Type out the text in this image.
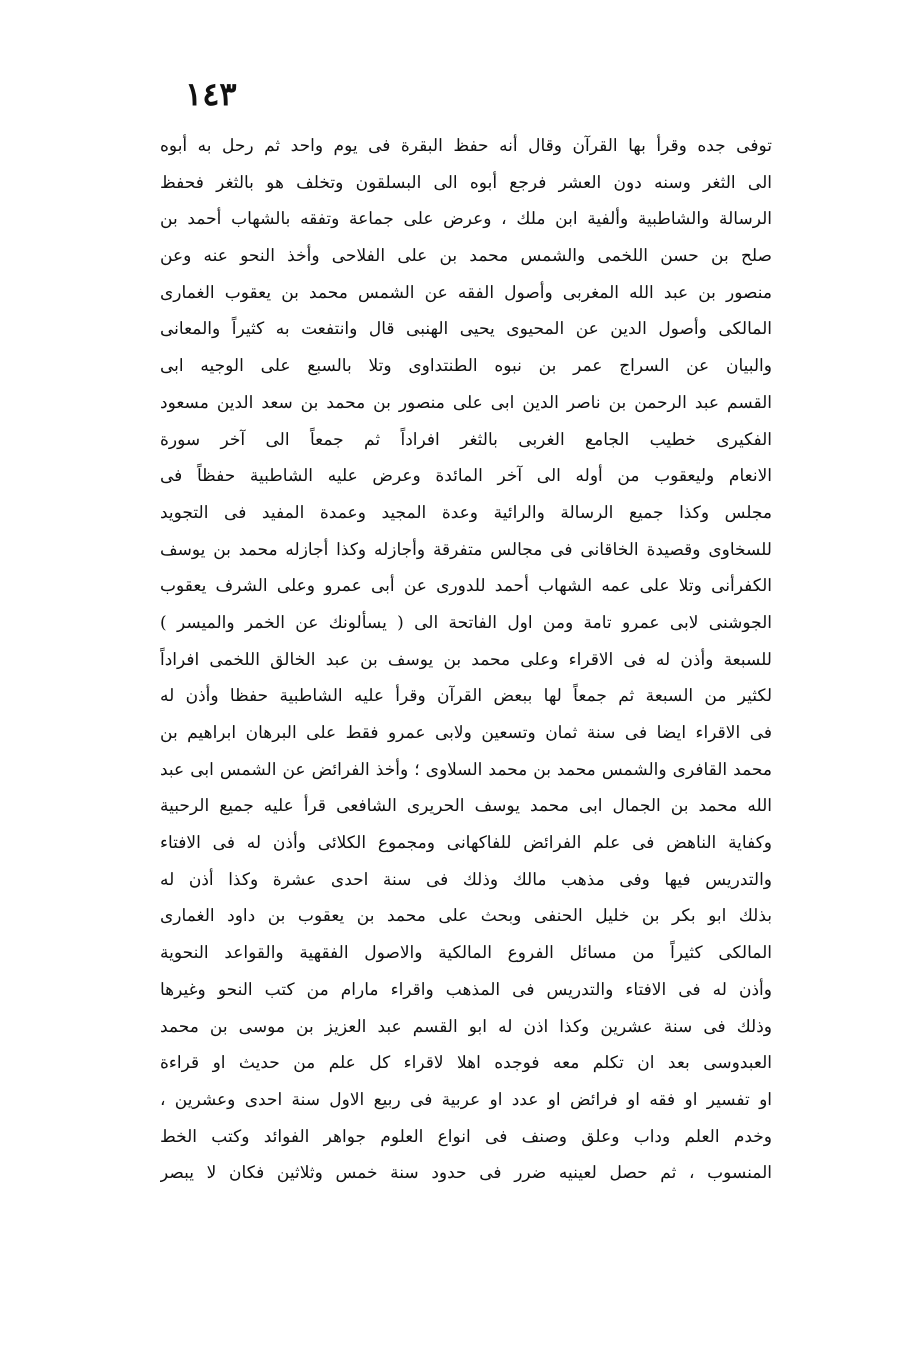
١٤٣
توفى جده وقرأ بها القرآن وقال أنه حفظ البقرة فى يوم واحد ثم رحل به أبوه
الى الثغر وسنه دون العشر فرجع أبوه الى البسلقون وتخلف هو بالثغر فحفظ
الرسالة والشاطبية وألفية ابن ملك ، وعرض على جماعة وتفقه بالشهاب أحمد بن
صلح بن حسن اللخمى والشمس محمد بن على الفلاحى وأخذ النحو عنه وعن
منصور بن عبد الله المغربى وأصول الفقه عن الشمس محمد بن يعقوب الغمارى
المالكى وأصول الدين عن المحيوى يحيى الهنبى قال وانتفعت به كثيراً والمعانى
والبيان عن السراج عمر بن نبوه الطنتداوى وتلا بالسبع على الوجيه ابى
القسم عبد الرحمن بن ناصر الدين ابى على منصور بن محمد بن سعد الدين مسعود
الفكيرى خطيب الجامع الغربى بالثغر افراداً ثم جمعاً الى آخر سورة
الانعام وليعقوب من أوله الى آخر المائدة وعرض عليه الشاطبية حفظاً فى
مجلس وكذا جميع الرسالة والرائية وعدة المجيد وعمدة المفيد فى التجويد
للسخاوى وقصيدة الخاقانى فى مجالس متفرقة وأجازله وكذا أجازله محمد بن يوسف
الكفرأنى وتلا على عمه الشهاب أحمد للدورى عن أبى عمرو وعلى الشرف يعقوب
الجوشنى لابى عمرو تامة ومن اول الفاتحة الى ( يسألونك عن الخمر والميسر )
للسبعة وأذن له فى الاقراء وعلى محمد بن يوسف بن عبد الخالق اللخمى افراداً
لكثير من السبعة ثم جمعاً لها ببعض القرآن وقرأ عليه الشاطبية حفظا وأذن له
فى الاقراء ايضا فى سنة ثمان وتسعين ولابى عمرو فقط على البرهان ابراهيم بن
محمد القافرى والشمس محمد بن محمد السلاوى ؛ وأخذ الفرائض عن الشمس ابى عبد
الله محمد بن الجمال ابى محمد يوسف الحريرى الشافعى قرأ عليه جميع الرحبية
وكفاية الناهض فى علم الفرائض للفاكهانى ومجموع الكلائى وأذن له فى الافتاء
والتدريس فيها وفى مذهب مالك وذلك فى سنة احدى عشرة وكذا أذن له
بذلك ابو بكر بن خليل الحنفى وبحث على محمد بن يعقوب بن داود الغمارى
المالكى كثيراً من مسائل الفروع المالكية والاصول الفقهية والقواعد النحوية
وأذن له فى الافتاء والتدريس فى المذهب واقراء مارام من كتب النحو وغيرها
وذلك فى سنة عشرين وكذا اذن له ابو القسم عبد العزيز بن موسى بن محمد
العبدوسى بعد ان تكلم معه فوجده اهلا لاقراء كل علم من حديث او قراءة
او تفسير او فقه او فرائض او عدد او عربية فى ربيع الاول سنة احدى وعشرين ،
وخدم العلم وداب وعلق وصنف فى انواع العلوم جواهر الفوائد وكتب الخط
المنسوب ، ثم حصل لعينيه ضرر فى حدود سنة خمس وثلاثين فكان لا يبصر
